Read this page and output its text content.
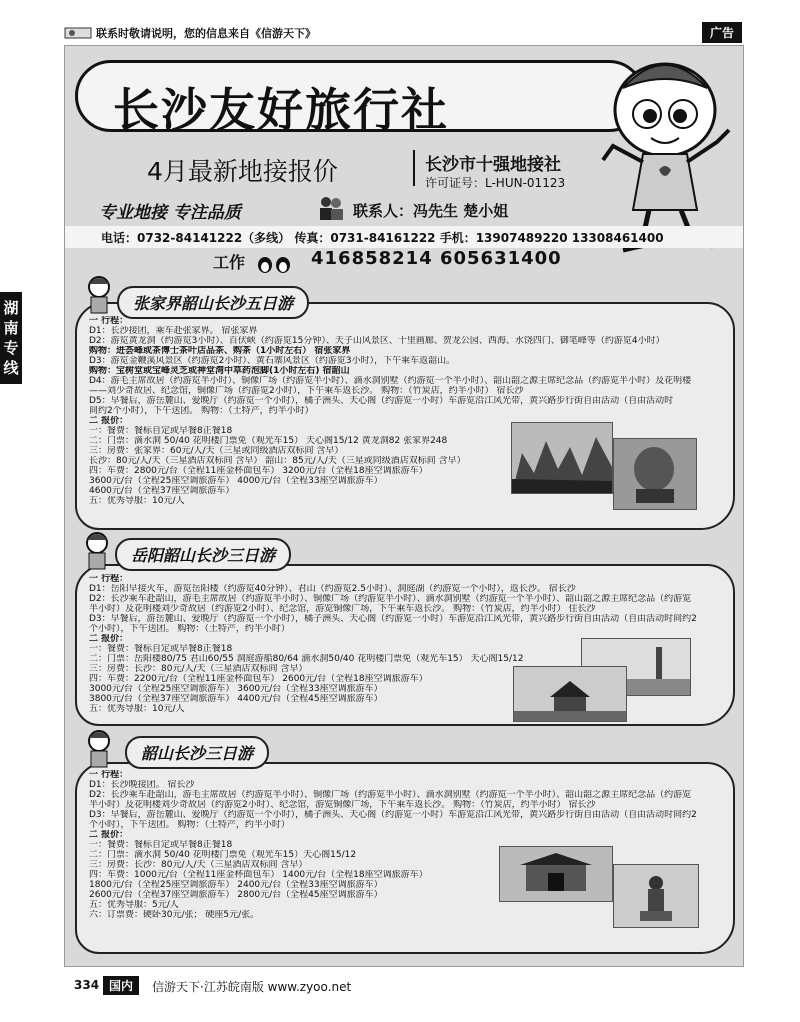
联系时敬请说明，您的信息来自《信游天下》	广告
湖南专线
长沙友好旅行社
4月最新地接报价	长沙市十强地接社
许可证号：L-HUN-01123
专业地接 专注品质	联系人：冯先生 楚小姐
电话：0732-84141222（多线） 传真：0731-84161222 手机：13907489220 13308461400
工作	416858214 605631400
张家界韶山长沙五日游
一 行程：
D1：长沙接团，乘车赴张家界。 宿张家界
D2：游览黄龙洞（约游览3小时）、百伏峡（约游览15分钟）、天子山风景区、十里画廊、贺龙公园、西海、水饶四门、御笔峰等（约游览4小时）
购物：进荟峰或茶博士茶叶店品茶、购茶（1小时左右） 宿张家界
D3：游览金鞭溪风景区（约游览2小时）、黄石寨风景区（约游览3小时），下午乘车返韶山。
购物：宝树堂或宝峰灵芝或神堂湾中草药泡脚(1小时左右) 宿韶山
D4：游毛主席故居（约游览半小时）、铜像广场（约游览半小时）、滴水洞别墅（约游览一个半小时）、韶山韶之源主席纪念品（约游览半小时）及花明楼
——刘少奇故居、纪念馆，铜像广场（约游览2小时），下午乘车返长沙。 购物：（竹炭店，约半小时） 宿长沙
D5：早餐后，游岳麓山、爱晚厅（约游览一个小时），橘子洲头、天心阁（约游览一小时）车游览沿江风光带，黄兴路步行街自由活动（自由活动时
间约2个小时），下午送团。 购物：（土特产，约半小时）
二 报价：
一：餐费：餐标自定或早餐8正餐18
二：门票：滴水洞 50/40 花明楼门票免（观光车15） 天心阁15/12 黄龙洞82 张家界248
三：房费：张家界：60元/人/天（三星或同级酒店双标间 含早）
长沙：80元/人/天（三星酒店双标间 含早） 韶山：85元/人/天（三星或同级酒店双标间 含早）
四：车费：2800元/台（全程11座金杯面包车） 3200元/台（全程18座空调旅游车）
3600元/台（全程25座空调旅游车） 4000元/台（全程33座空调旅游车）
4600元/台（全程37座空调旅游车）
五：优秀导服：10元/人
岳阳韶山长沙三日游
一 行程：
D1：岳阳早接火车，游览岳阳楼（约游览40分钟）、君山（约游览2.5小时）、洞庭湖（约游览一个小时），返长沙。 宿长沙
D2：长沙乘车赴韶山，游毛主席故居（约游览半小时）、铜像广场（约游览半小时）、滴水洞别墅（约游览一个半小时）、韶山韶之源主席纪念品（约游览
半小时）及花明楼刘少奇故居（约游览2小时）、纪念馆，游览铜像广场，下午乘车返长沙。 购物：（竹炭店，约半小时） 住长沙
D3：早餐后，游岳麓山、爱晚厅（约游览一个小时），橘子洲头、天心阁（约游览一小时）车游览沿江风光带，黄兴路步行街自由活动（自由活动时间约2
个小时），下午送团。 购物：（土特产，约半小时）
二 报价：
一：餐费：餐标自定或早餐8正餐18
二：门票：岳阳楼80/75 君山60/55 洞庭游船80/64 滴水洞50/40 花明楼门票免（观光车15） 天心阁15/12
三：房费：长沙：80元/人/天（三星酒店双标间 含早）
四：车费：2200元/台（全程11座金杯面包车） 2600元/台（全程18座空调旅游车）
3000元/台（全程25座空调旅游车） 3600元/台（全程33座空调旅游车）
3800元/台（全程37座空调旅游车） 4400元/台（全程45座空调旅游车）
五：优秀导服：10元/人
韶山长沙三日游
一 行程：
D1：长沙晚接团。 宿长沙
D2：长沙乘车赴韶山，游毛主席故居（约游览半小时）、铜像广场（约游览半小时）、滴水洞别墅（约游览一个半小时）、韶山韶之源主席纪念品（约游览
半小时）及花明楼刘少奇故居（约游览2小时）、纪念馆，游览铜像广场，下午乘车返长沙。 购物：（竹炭店，约半小时） 宿长沙
D3：早餐后，游岳麓山、爱晚厅（约游览一个小时），橘子洲头、天心阁（约游览一小时）车游览沿江风光带，黄兴路步行街自由活动（自由活动时间约2
个小时），下午送团。 购物：（土特产，约半小时）
二 报价：
一：餐费：餐标自定或早餐8正餐18
二：门票：滴水洞 50/40 花明楼门票免（观光车15）天心阁15/12
三：房费：长沙：80元/人/天（三星酒店双标间 含早）
四：车费：1000元/台（全程11座金杯面包车） 1400元/台（全程18座空调旅游车）
1800元/台（全程25座空调旅游车） 2400元/台（全程33座空调旅游车）
2600元/台（全程37座空调旅游车） 2800元/台（全程45座空调旅游车）
五：优秀导服：5元/人
六：订票费：硬卧30元/张； 硬座5元/张。
334 国内	信游天下·江苏皖南版 www.zyoo.net
